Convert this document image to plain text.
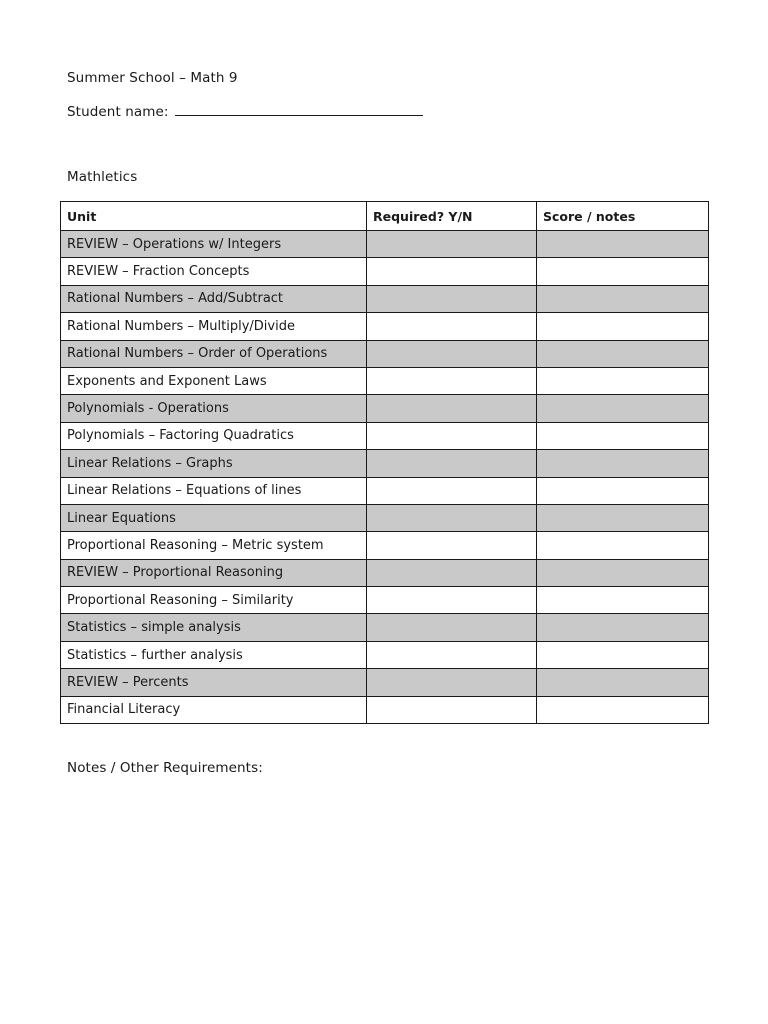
Summer School – Math 9
Student name:
Mathletics
Unit	Required? Y/N	Score / notes
REVIEW – Operations w/ Integers		
REVIEW – Fraction Concepts		
Rational Numbers – Add/Subtract		
Rational Numbers – Multiply/Divide		
Rational Numbers – Order of Operations		
Exponents and Exponent Laws		
Polynomials - Operations		
Polynomials – Factoring Quadratics		
Linear Relations – Graphs		
Linear Relations – Equations of lines		
Linear Equations		
Proportional Reasoning – Metric system		
REVIEW – Proportional Reasoning		
Proportional Reasoning – Similarity		
Statistics – simple analysis		
Statistics – further analysis		
REVIEW – Percents		
Financial Literacy		
Notes / Other Requirements:
